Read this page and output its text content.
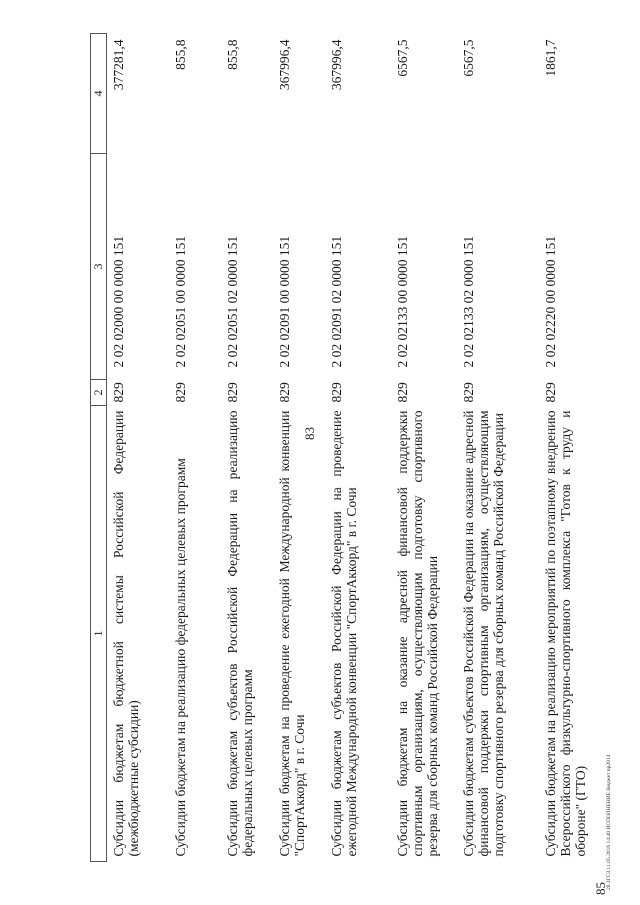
83
85
20.ЗГСЗ.11.05.2016 14:40 ИСПОЛНЕНИЕ бюджет пр2014
1	2	3	4
Субсидии бюджетам бюджетной системы Российской Федерации (межбюджетные субсидии)	829	2 02 02000 00 0000 151	377281,4
Субсидии бюджетам на реализацию федеральных целевых программ	829	2 02 02051 00 0000 151	855,8
Субсидии бюджетам субъектов Российской Федерации на реализацию федеральных целевых программ	829	2 02 02051 02 0000 151	855,8
Субсидии бюджетам на проведение ежегодной Международной конвенции "СпортАккорд" в г. Сочи	829	2 02 02091 00 0000 151	367996,4
Субсидии бюджетам субъектов Российской Федерации на проведение ежегодной Международной конвенции "СпортАккорд" в г. Сочи	829	2 02 02091 02 0000 151	367996,4
Субсидии бюджетам на оказание адресной финансовой поддержки спортивным организациям, осуществляющим подготовку спортивного резерва для сборных команд Российской Федерации	829	2 02 02133 00 0000 151	6567,5
Субсидии бюджетам субъектов Российской Федерации на оказание адресной финансовой поддержки спортивным организациям, осуществляющим подготовку спортивного резерва для сборных команд Российской Федерации	829	2 02 02133 02 0000 151	6567,5
Субсидии бюджетам на реализацию мероприятий по поэтапному внедрению Всероссийского физкультурно-спортивного комплекса "Готов к труду и обороне" (ГТО)	829	2 02 02220 00 0000 151	1861,7
